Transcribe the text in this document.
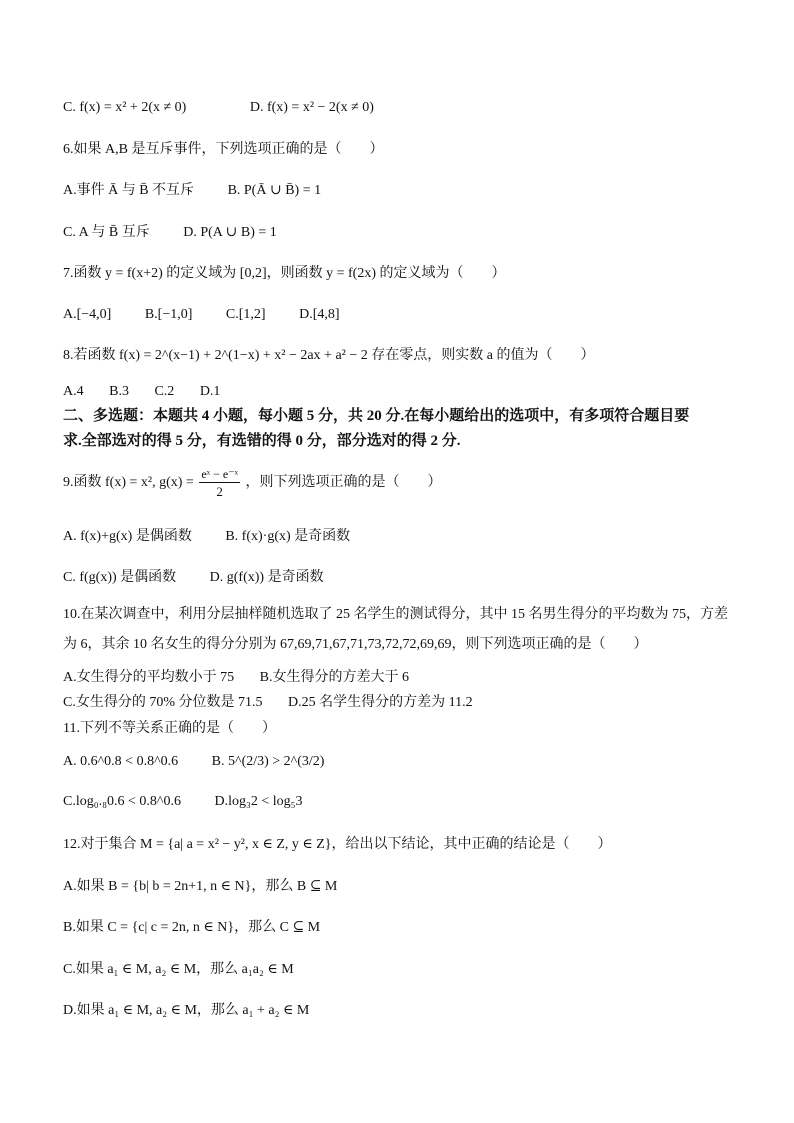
C. f(x) = x² + 2(x ≠ 0)	D. f(x) = x² − 2(x ≠ 0)
6.如果 A,B 是互斥事件，下列选项正确的是（　　）
A.事件 Ā 与 B̄ 不互斥 B. P(Ā ∪ B̄) = 1
C. A 与 B̄ 互斥 D. P(A ∪ B) = 1
7.函数 y = f(x+2) 的定义域为 [0,2]，则函数 y = f(2x) 的定义域为（　　）
A.[−4,0] B.[−1,0] C.[1,2] D.[4,8]
8.若函数 f(x) = 2^(x−1) + 2^(1−x) + x² − 2ax + a² − 2 存在零点，则实数 a 的值为（　　）
A.4 B.3 C.2 D.1
二、多选题：本题共 4 小题，每小题 5 分，共 20 分.在每小题给出的选项中，有多项符合题目要
求.全部选对的得 5 分，有选错的得 0 分，部分选对的得 2 分.
9.函数 f(x) = x², $g(x) = \frac{\text{eˣ − e⁻ˣ}}{2}$ ，则下列选项正确的是（　　）
A. f(x)+g(x) 是偶函数 B. f(x)·g(x) 是奇函数
C. f(g(x)) 是偶函数 D. g(f(x)) 是奇函数
10.在某次调查中，利用分层抽样随机选取了 25 名学生的测试得分，其中 15 名男生得分的平均数为 75，方差
为 6，其余 10 名女生的得分分别为 67,69,71,67,71,73,72,72,69,69，则下列选项正确的是（　　）
A.女生得分的平均数小于 75 B.女生得分的方差大于 6
C.女生得分的 70% 分位数是 71.5 D.25 名学生得分的方差为 11.2
11.下列不等关系正确的是（　　）
A. 0.6^0.8 < 0.8^0.6 B. 5^(2/3) > 2^(3/2)
C.log₀.₈0.6 < 0.8^0.6 D.log₃2 < log₅3
12.对于集合 M = {a| a = x² − y², x ∈ Z, y ∈ Z}，给出以下结论，其中正确的结论是（　　）
A.如果 B = {b| b = 2n+1, n ∈ N}，那么 B ⊆ M
B.如果 C = {c| c = 2n, n ∈ N}，那么 C ⊆ M
C.如果 a₁ ∈ M, a₂ ∈ M，那么 a₁a₂ ∈ M
D.如果 a₁ ∈ M, a₂ ∈ M，那么 a₁ + a₂ ∈ M
